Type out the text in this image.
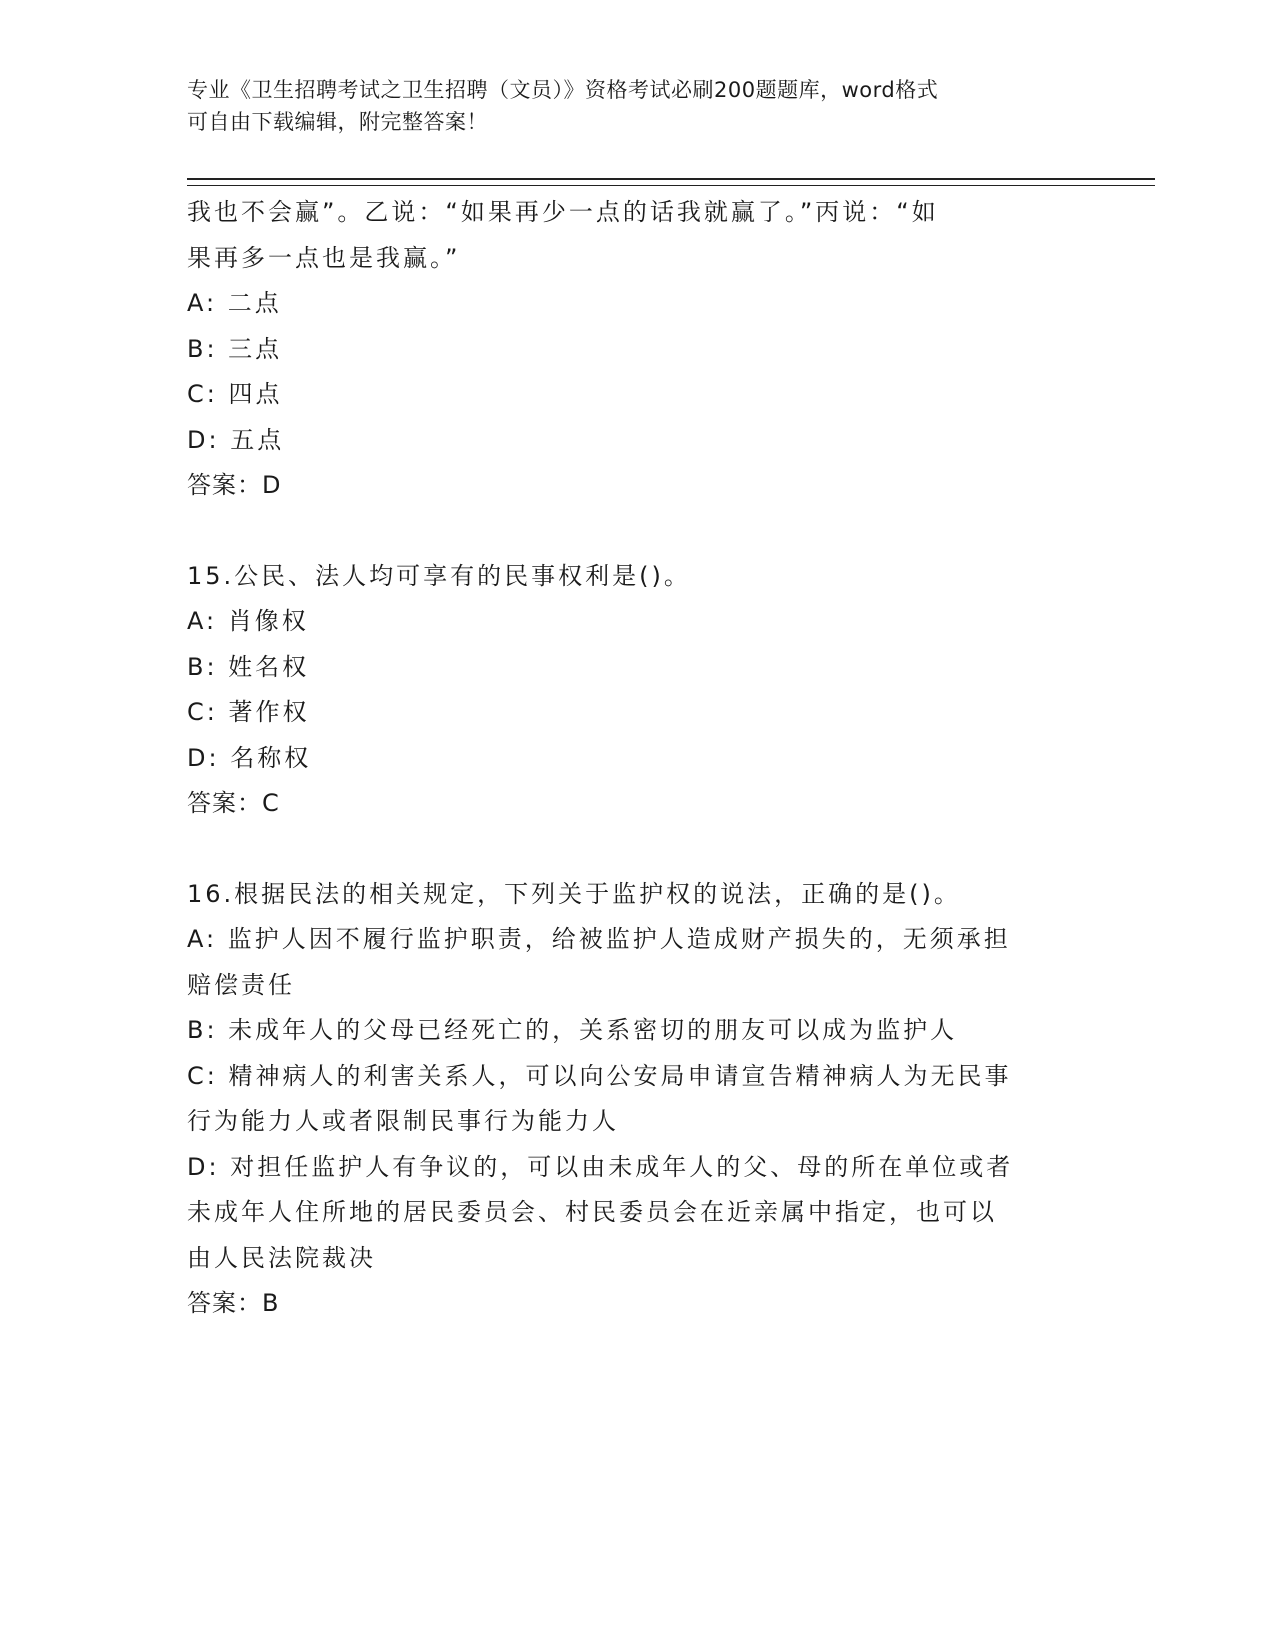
专业《卫生招聘考试之卫生招聘（文员）》资格考试必刷200题题库，word格式
可自由下载编辑，附完整答案！
我也不会赢”。乙说：“如果再少一点的话我就赢了。”丙说：“如
果再多一点也是我赢。”
A: 二点
B: 三点
C: 四点
D: 五点
答案：D
15.公民、法人均可享有的民事权利是()。
A: 肖像权
B: 姓名权
C: 著作权
D: 名称权
答案：C
16.根据民法的相关规定，下列关于监护权的说法，正确的是()。
A: 监护人因不履行监护职责，给被监护人造成财产损失的，无须承担
赔偿责任
B: 未成年人的父母已经死亡的，关系密切的朋友可以成为监护人
C: 精神病人的利害关系人，可以向公安局申请宣告精神病人为无民事
行为能力人或者限制民事行为能力人
D: 对担任监护人有争议的，可以由未成年人的父、母的所在单位或者
未成年人住所地的居民委员会、村民委员会在近亲属中指定，也可以
由人民法院裁决
答案：B
